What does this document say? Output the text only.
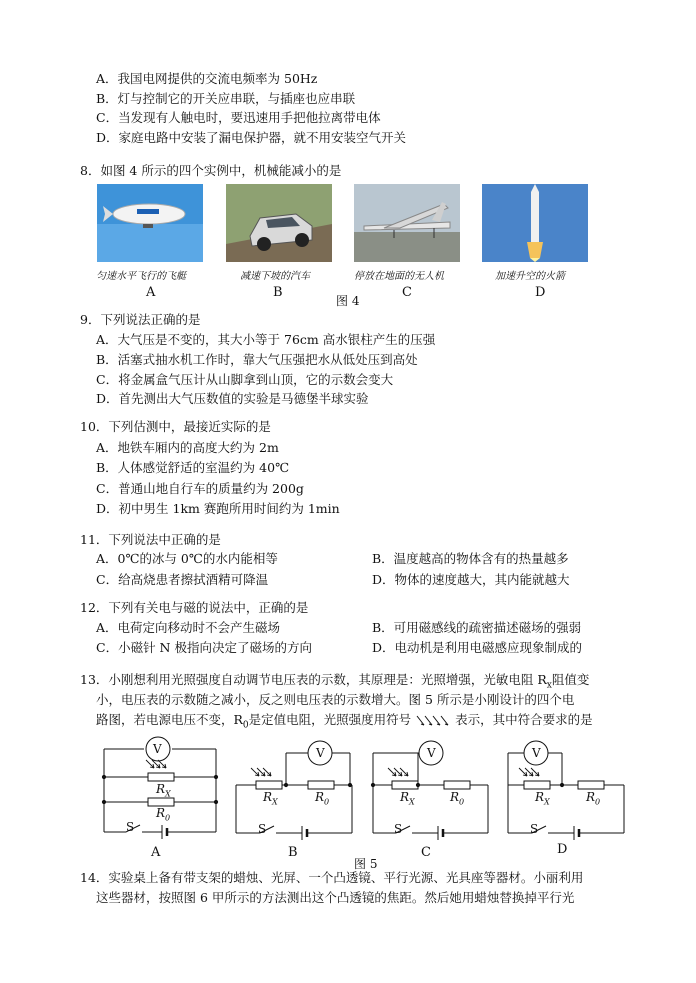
A．我国电网提供的交流电频率为 50Hz
B．灯与控制它的开关应串联，与插座也应串联
C．当发现有人触电时，要迅速用手把他拉离带电体
D．家庭电路中安装了漏电保护器，就不用安装空气开关
8．如图 4 所示的四个实例中，机械能减小的是
匀速水平飞行的飞艇	减速下坡的汽车	停放在地面的无人机	加速升空的火箭
A	B	C	D
图 4
9．下列说法正确的是
A．大气压是不变的，其大小等于 76cm 高水银柱产生的压强
B．活塞式抽水机工作时，靠大气压强把水从低处压到高处
C．将金属盒气压计从山脚拿到山顶，它的示数会变大
D．首先测出大气压数值的实验是马德堡半球实验
10．下列估测中，最接近实际的是
A．地铁车厢内的高度大约为 2m
B．人体感觉舒适的室温约为 40℃
C．普通山地自行车的质量约为 200g
D．初中男生 1km 赛跑所用时间约为 1min
11．下列说法中正确的是
A．0℃的冰与 0℃的水内能相等	B．温度越高的物体含有的热量越多
C．给高烧患者擦拭酒精可降温	D．物体的速度越大，其内能就越大
12．下列有关电与磁的说法中，正确的是
A．电荷定向移动时不会产生磁场	B．可用磁感线的疏密描述磁场的强弱
C．小磁针 N 极指向决定了磁场的方向	D．电动机是利用电磁感应现象制成的
13．小刚想利用光照强度自动调节电压表的示数，其原理是：光照增强，光敏电阻 $R_x$阻值变
小，电压表的示数随之减小，反之则电压表的示数增大。图 5 所示是小刚设计的四个电
路图，若电源电压不变，$R_0$是定值电阻，光照强度用符号	表示，其中符合要求的是
V	V	V	V
$R_X$
$R_0$
$R_X$	$R_0$	$R_X$	$R_0$	$R_X$	$R_0$
S	S	S	S
A	B	C	D
图 5
14．实验桌上备有带支架的蜡烛、光屏、一个凸透镜、平行光源、光具座等器材。小丽利用
这些器材，按照图 6 甲所示的方法测出这个凸透镜的焦距。然后她用蜡烛替换掉平行光
